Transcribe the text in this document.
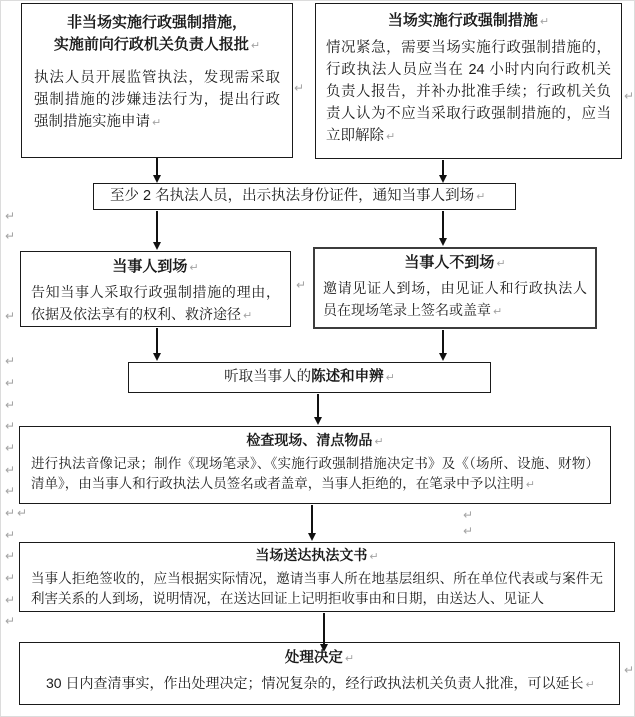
非当场实施行政强制措施，
实施前向行政机关负责人报批 ↵
执法人员开展监管执法，发现需采取强制措施的涉嫌违法行为，提出行政强制措施实施申请 ↵
当场实施行政强制措施 ↵
情况紧急，需要当场实施行政强制措施的，行政执法人员应当在 24 小时内向行政机关负责人报告，并补办批准手续；行政机关负责人认为不应当采取行政强制措施的，应当立即解除 ↵
至少 2 名执法人员，出示执法身份证件，通知当事人到场 ↵
当事人到场 ↵
告知当事人采取行政强制措施的理由，依据及依法享有的权利、救济途径 ↵
当事人不到场 ↵
邀请见证人到场，由见证人和行政执法人员在现场笔录上签名或盖章 ↵
听取当事人的陈述和申辨 ↵
检查现场、清点物品 ↵
进行执法音像记录；制作《现场笔录》、《实施行政强制措施决定书》及《（场所、设施、财物）清单》，由当事人和行政执法人员签名或者盖章，当事人拒绝的，在笔录中予以注明 ↵
当场送达执法文书 ↵
当事人拒绝签收的，应当根据实际情况，邀请当事人所在地基层组织、所在单位代表或与案件无利害关系的人到场，说明情况，在送达回证上记明拒收事由和日期，由送达人、见证人
处理决定 ↵
30 日内查清事实，作出处理决定；情况复杂的，经行政执法机关负责人批准，可以延长 ↵
↵
↵
↵
↵
↵
↵
↵
↵
↵
↵
↵ ↵
↵
↵
↵
↵
↵
↵
↵
↵
↵
↵
↵
